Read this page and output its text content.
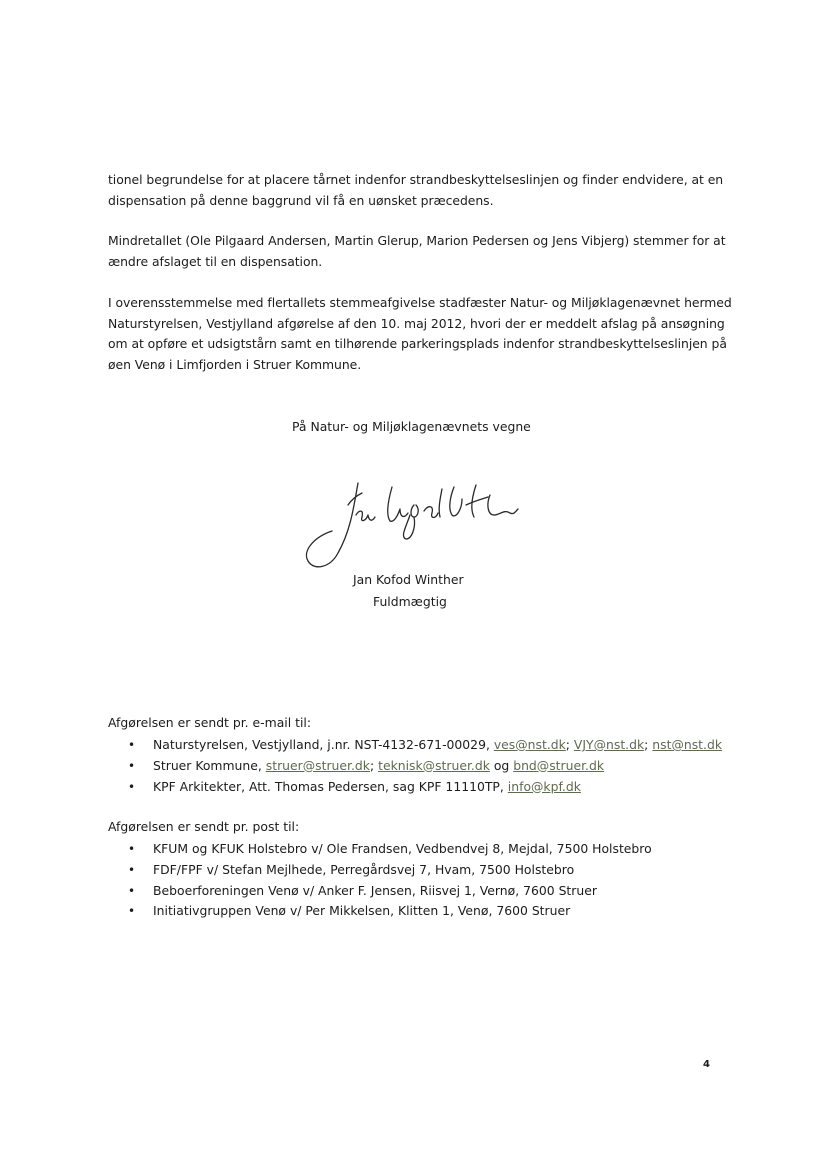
tionel begrundelse for at placere tårnet indenfor strandbeskyttelseslinjen og finder endvidere, at en
dispensation på denne baggrund vil få en uønsket præcedens.

Mindretallet (Ole Pilgaard Andersen, Martin Glerup, Marion Pedersen og Jens Vibjerg) stemmer for at
ændre afslaget til en dispensation.

I overensstemmelse med flertallets stemmeafgivelse stadfæster Natur- og Miljøklagenævnet hermed
Naturstyrelsen, Vestjylland afgørelse af den 10. maj 2012, hvori der er meddelt afslag på ansøgning
om at opføre et udsigtstårn samt en tilhørende parkeringsplads indenfor strandbeskyttelseslinjen på
øen Venø i Limfjorden i Struer Kommune.

På Natur- og Miljøklagenævnets vegne

Jan Kofod Winther

Fuldmægtig

Afgørelsen er sendt pr. e-mail til:

• Naturstyrelsen, Vestjylland, j.nr. NST-4132-671-00029, ves@nst.dk; VJY@nst.dk; nst@nst.dk
• Struer Kommune, struer@struer.dk; teknisk@struer.dk og bnd@struer.dk
• KPF Arkitekter, Att. Thomas Pedersen, sag KPF 11110TP, info@kpf.dk

Afgørelsen er sendt pr. post til:

• KFUM og KFUK Holstebro v/ Ole Frandsen, Vedbendvej 8, Mejdal, 7500 Holstebro
• FDF/FPF v/ Stefan Mejlhede, Perregårdsvej 7, Hvam, 7500 Holstebro
• Beboerforeningen Venø v/ Anker F. Jensen, Riisvej 1, Vernø, 7600 Struer
• Initiativgruppen Venø v/ Per Mikkelsen, Klitten 1, Venø, 7600 Struer
4
